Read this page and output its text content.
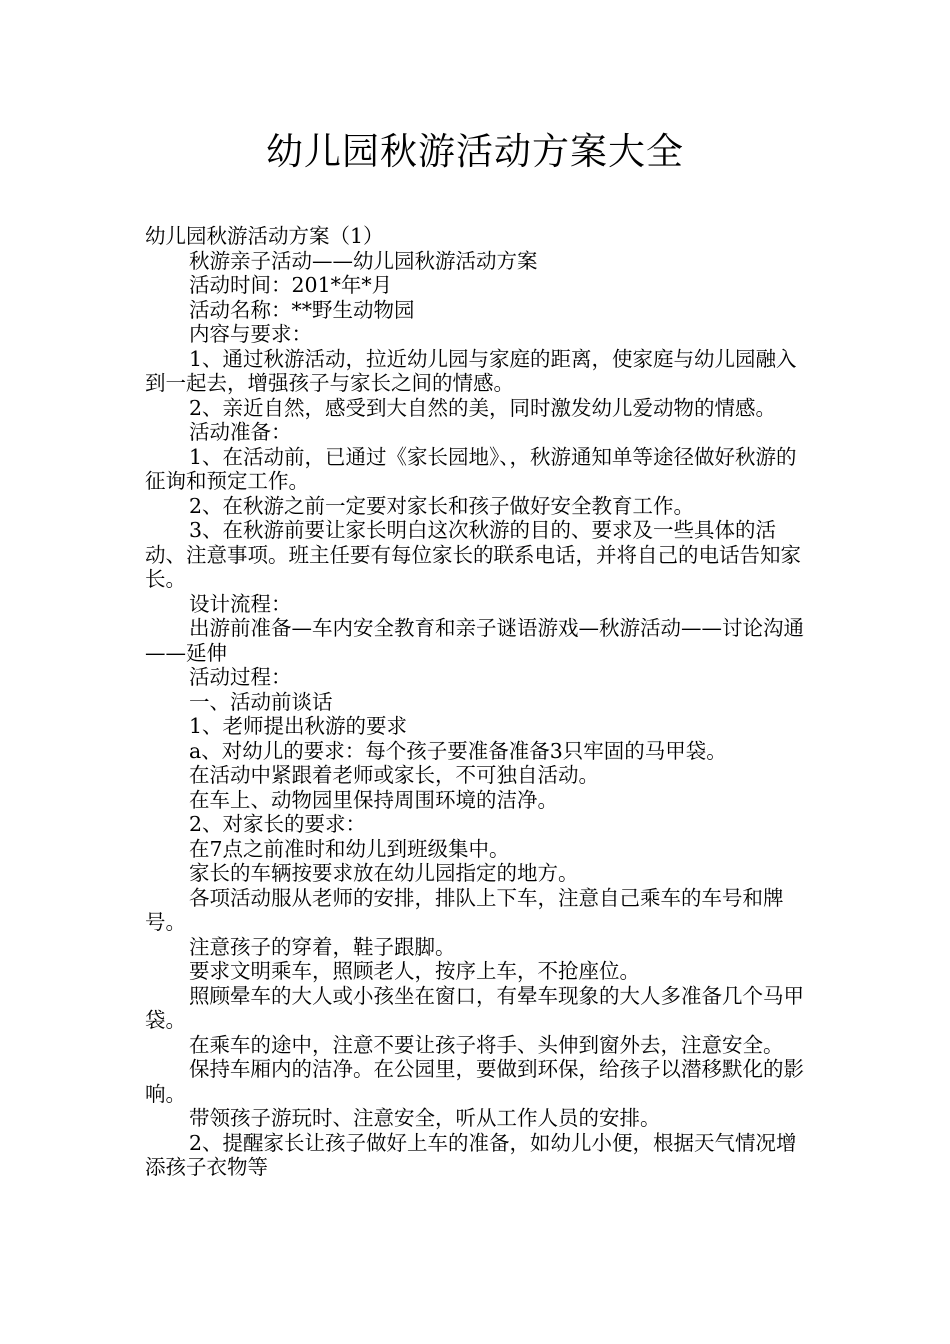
幼儿园秋游活动方案大全

幼儿园秋游活动方案（1）

秋游亲子活动——幼儿园秋游活动方案

活动时间：201*年*月

活动名称：**野生动物园

内容与要求：

1、通过秋游活动，拉近幼儿园与家庭的距离，使家庭与幼儿园融入到一起去，增强孩子与家长之间的情感。

2、亲近自然，感受到大自然的美，同时激发幼儿爱动物的情感。

活动准备：

1、在活动前，已通过《家长园地》、，秋游通知单等途径做好秋游的征询和预定工作。

2、在秋游之前一定要对家长和孩子做好安全教育工作。

3、在秋游前要让家长明白这次秋游的目的、要求及一些具体的活动、注意事项。班主任要有每位家长的联系电话，并将自己的电话告知家长。

设计流程：

出游前准备—车内安全教育和亲子谜语游戏—秋游活动——讨论沟通——延伸

活动过程：

一、活动前谈话

1、老师提出秋游的要求

a、对幼儿的要求：每个孩子要准备准备3只牢固的马甲袋。

在活动中紧跟着老师或家长，不可独自活动。

在车上、动物园里保持周围环境的洁净。

2、对家长的要求：

在7点之前准时和幼儿到班级集中。

家长的车辆按要求放在幼儿园指定的地方。

各项活动服从老师的安排，排队上下车，注意自己乘车的车号和牌号。

注意孩子的穿着，鞋子跟脚。

要求文明乘车，照顾老人，按序上车，不抢座位。

照顾晕车的大人或小孩坐在窗口，有晕车现象的大人多准备几个马甲袋。

在乘车的途中，注意不要让孩子将手、头伸到窗外去，注意安全。

保持车厢内的洁净。在公园里，要做到环保，给孩子以潜移默化的影响。

带领孩子游玩时、注意安全，听从工作人员的安排。

2、提醒家长让孩子做好上车的准备，如幼儿小便，根据天气情况增添孩子衣物等
